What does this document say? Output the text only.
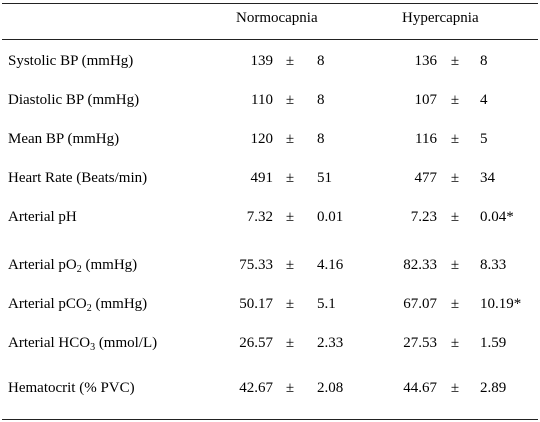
Normocapnia	Hypercapnia
Systolic BP (mmHg)	139 ± 8	136 ± 8
Diastolic BP (mmHg)	110 ± 8	107 ± 4
Mean BP (mmHg)	120 ± 8	116 ± 5
Heart Rate (Beats/min)	491 ± 51	477 ± 34
Arterial pH	7.32 ± 0.01	7.23 ± 0.04*
Arterial $pO_2$ (mmHg)	75.33 ± 4.16	82.33 ± 8.33
Arterial pCO$_2$ (mmHg)	50.17 ± 5.1	67.07 ± 10.19*
Arterial $HCO_3$ (mmol/L)	26.57 ± 2.33	27.53 ± 1.59
Hematocrit (% PVC)	42.67 ± 2.08	44.67 ± 2.89
